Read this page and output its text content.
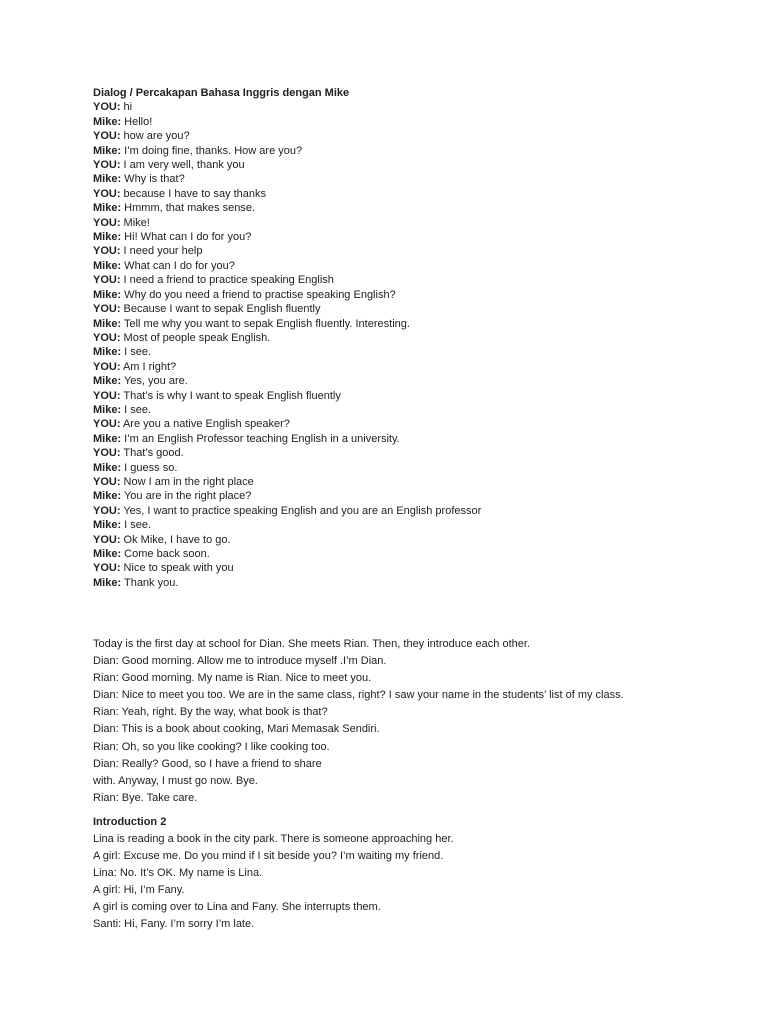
Dialog / Percakapan Bahasa Inggris dengan Mike
YOU: hi
Mike: Hello!
YOU: how are you?
Mike: I’m doing fine, thanks. How are you?
YOU: I am very well, thank you
Mike: Why is that?
YOU: because I have to say thanks
Mike: Hmmm, that makes sense.
YOU: Mike!
Mike: Hi! What can I do for you?
YOU: I need your help
Mike: What can I do for you?
YOU: I need a friend to practice speaking English
Mike: Why do you need a friend to practise speaking English?
YOU: Because I want to sepak English fluently
Mike: Tell me why you want to sepak English fluently. Interesting.
YOU: Most of people speak English.
Mike: I see.
YOU: Am I right?
Mike: Yes, you are.
YOU: That’s is why I want to speak English fluently
Mike: I see.
YOU: Are you a native English speaker?
Mike: I’m an English Professor teaching English in a university.
YOU: That’s good.
Mike: I guess so.
YOU: Now I am in the right place
Mike: You are in the right place?
YOU: Yes, I want to practice speaking English and you are an English professor
Mike: I see.
YOU: Ok Mike, I have to go.
Mike: Come back soon.
YOU: Nice to speak with you
Mike: Thank you.
Today is the first day at school for Dian. She meets Rian. Then, they introduce each other.
Dian: Good morning. Allow me to introduce myself .I’m Dian.
Rian: Good morning. My name is Rian. Nice to meet you.
Dian: Nice to meet you too. We are in the same class, right? I saw your name in the students’ list of my class.
Rian: Yeah, right. By the way, what book is that?
Dian: This is a book about cooking, Mari Memasak Sendiri.
Rian: Oh, so you like cooking? I like cooking too.
Dian: Really? Good, so I have a friend to share
with. Anyway, I must go now. Bye.
Rian: Bye. Take care.
Introduction 2
Lina is reading a book in the city park. There is someone approaching her.
A girl: Excuse me. Do you mind if I sit beside you? I’m waiting my friend.
Lina: No. It’s OK. My name is Lina.
A girl: Hi, I’m Fany.
A girl is coming over to Lina and Fany. She interrupts them.
Santi: Hi, Fany. I’m sorry I’m late.
